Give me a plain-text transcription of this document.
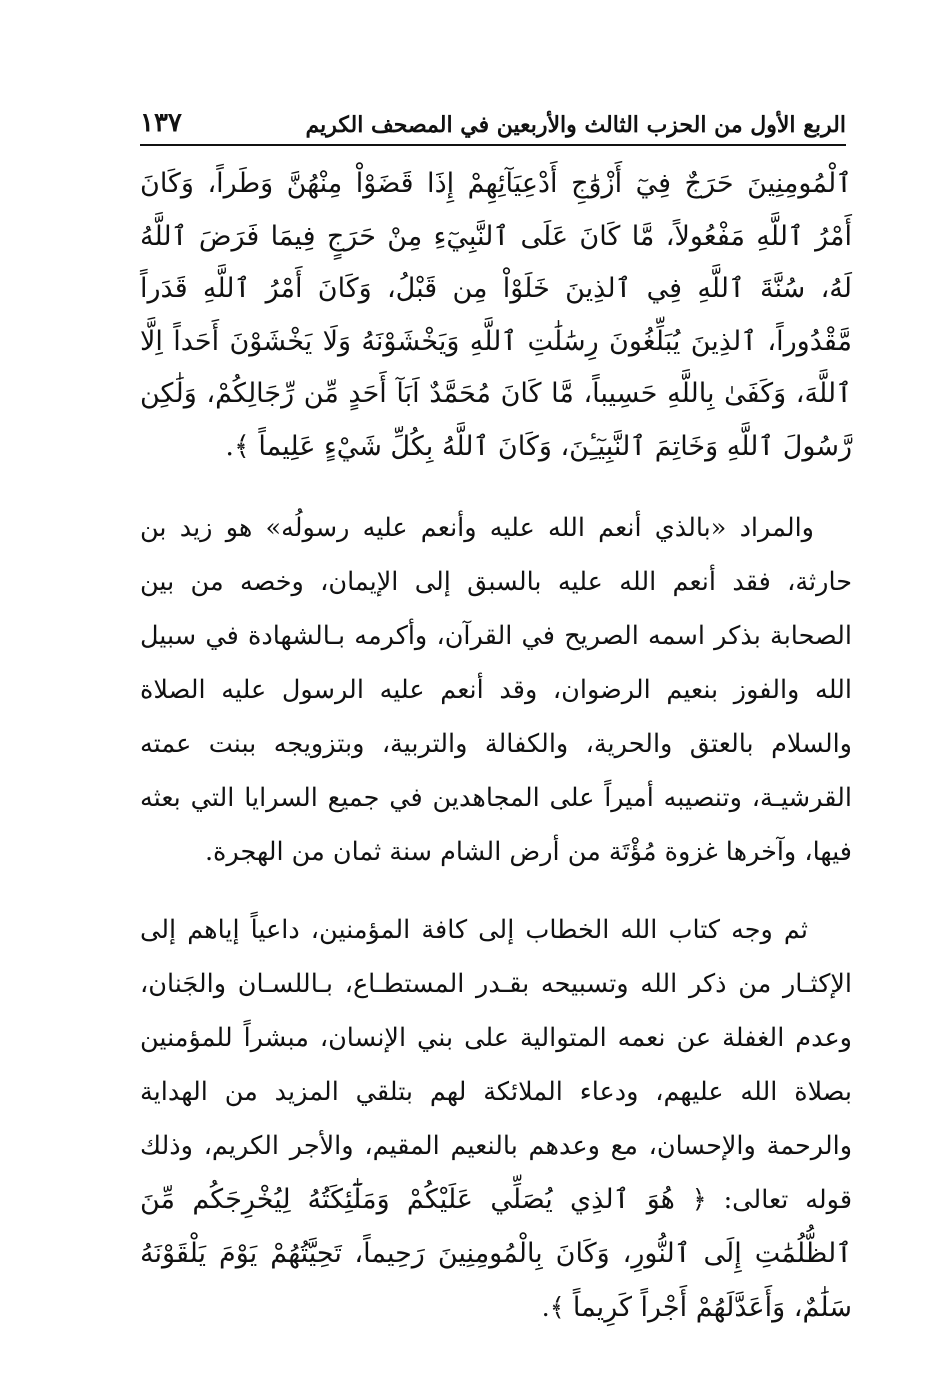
الربع الأول من الحزب الثالث والأربعين في المصحف الكريم
١٣٧

ٱلْمُومِنِينَ حَرَجٌ فِيٓ أَزْوَٰجِ أَدْعِيَآئِهِمْ إِذَا قَضَوْاْ مِنْهُنَّ وَطَراً، وَكَانَ أَمْرُ ٱللَّهِ مَفْعُولاً، مَّا كَانَ عَلَى ٱلنَّبِيٓءِ مِنْ حَرَجٍ فِيمَا فَرَضَ ٱللَّهُ لَهُ، سُنَّةَ ٱللَّهِ فِي ٱلذِينَ خَلَوْاْ مِن قَبْلُ، وَكَانَ أَمْرُ ٱللَّهِ قَدَراً مَّقْدُوراً، ٱلذِينَ يُبَلِّغُونَ رِسَٰلَٰتِ ٱللَّهِ وَيَخْشَوْنَهُ وَلَا يَخْشَوْنَ أَحَداً اِلَّا ٱللَّهَ، وَكَفَىٰ بِاللَّهِ حَسِيباً، مَّا كَانَ مُحَمَّدٌ اَبَآ أَحَدٍ مِّن رِّجَالِكُمْ، وَلَٰكِن رَّسُولَ ٱللَّهِ وَخَاتِمَ ٱلنَّبِيٓـِٔنَ، وَكَانَ ٱللَّهُ بِكُلِّ شَيْءٍ عَلِيماً ﴾.

والمراد «بالذي أنعم الله عليه وأنعم عليه رسولُه» هو زيد بن حارثة، فقد أنعم الله عليه بالسبق إلى الإيمان، وخصه من بين الصحابة بذكر اسمه الصريح في القرآن، وأكرمه بـالشهادة في سبيل الله والفوز بنعيم الرضوان، وقد أنعم عليه الرسول عليه الصلاة والسلام بالعتق والحرية، والكفالة والتربية، وبتزويجه ببنت عمته القرشيـة، وتنصيبه أميراً على المجاهدين في جميع السرايا التي بعثه فيها، وآخرها غزوة مُؤْتَة من أرض الشام سنة ثمان من الهجرة.

ثم وجه كتاب الله الخطاب إلى كافة المؤمنين، داعياً إياهم إلى الإكثـار من ذكر الله وتسبيحه بقـدر المستطـاع، بـاللسـان والجَنان، وعدم الغفلة عن نعمه المتوالية على بني الإنسان، مبشراً للمؤمنين بصلاة الله عليهم، ودعاء الملائكة لهم بتلقي المزيد من الهداية والرحمة والإحسان، مع وعدهم بالنعيم المقيم، والأجر الكريم، وذلك قوله تعالى: ﴿ هُوَ ٱلذِي يُصَلِّي عَلَيْكُمْ وَمَلَٰٓئِكَتُهُ لِيُخْرِجَكُم مِّنَ ٱلظُّلُمَٰتِ إِلَى ٱلنُّورِ، وَكَانَ بِالْمُومِنِينَ رَحِيماً، تَحِيَّتُهُمْ يَوْمَ يَلْقَوْنَهُ سَلَٰمٌ، وَأَعَدَّلَهُمْ أَجْراً كَرِيماً ﴾.
